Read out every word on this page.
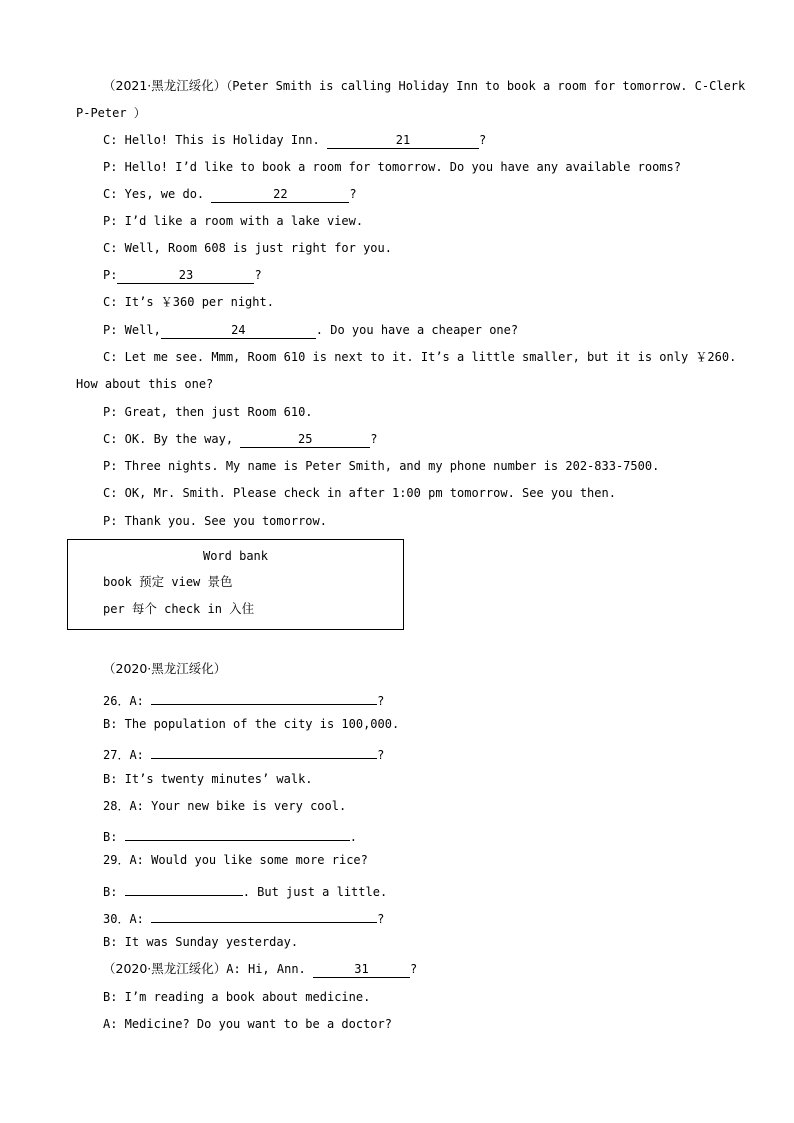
（2021·黑龙江绥化）（Peter Smith is calling Holiday Inn to book a room for tomorrow. C-Clerk
P-Peter ）
C: Hello! This is Holiday Inn.	21	?
P: Hello! I’d like to book a room for tomorrow. Do you have any available rooms?
C: Yes, we do.	22	?
P: I’d like a room with a lake view.
C: Well, Room 608 is just right for you.
P:	23	?
C: It’s ￥360 per night.
P: Well,	24	. Do you have a cheaper one?
C: Let me see. Mmm, Room 610 is next to it. It’s a little smaller, but it is only ￥260.
How about this one?
P: Great, then just Room 610.
C: OK. By the way,	25	?
P: Three nights. My name is Peter Smith, and my phone number is 202-833-7500.
C: OK, Mr. Smith. Please check in after 1:00 pm tomorrow. See you then.
P: Thank you. See you tomorrow.
Word bank
book 预定 view 景色
per 每个 check in 入住
（2020·黑龙江绥化）
26．A:	?
B: The population of the city is 100,000.
27．A:	?
B: It’s twenty minutes’ walk.
28．A: Your new bike is very cool.
B:	.
29．A: Would you like some more rice?
B:	. But just a little.
30．A:	?
B: It was Sunday yesterday.
（2020·黑龙江绥化）A: Hi, Ann.	31	?
B: I’m reading a book about medicine.
A: Medicine? Do you want to be a doctor?
